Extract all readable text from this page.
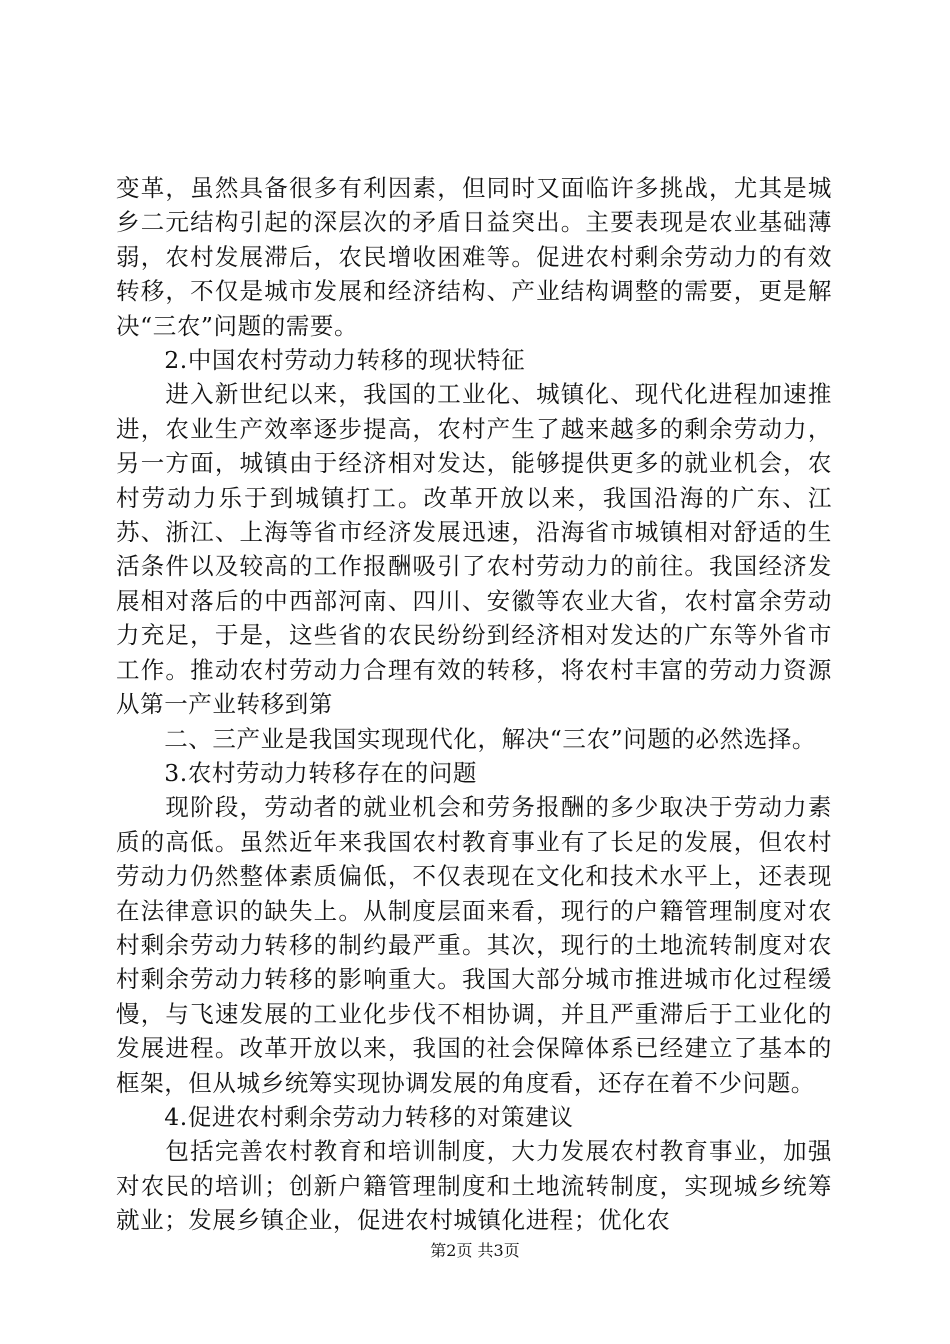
变革，虽然具备很多有利因素，但同时又面临许多挑战，尤其是城乡二元结构引起的深层次的矛盾日益突出。主要表现是农业基础薄弱，农村发展滞后，农民增收困难等。促进农村剩余劳动力的有效转移，不仅是城市发展和经济结构、产业结构调整的需要，更是解决“三农”问题的需要。

　　2.中国农村劳动力转移的现状特征

　　进入新世纪以来，我国的工业化、城镇化、现代化进程加速推进，农业生产效率逐步提高，农村产生了越来越多的剩余劳动力，另一方面，城镇由于经济相对发达，能够提供更多的就业机会，农村劳动力乐于到城镇打工。改革开放以来，我国沿海的广东、江苏、浙江、上海等省市经济发展迅速，沿海省市城镇相对舒适的生活条件以及较高的工作报酬吸引了农村劳动力的前往。我国经济发展相对落后的中西部河南、四川、安徽等农业大省，农村富余劳动力充足，于是，这些省的农民纷纷到经济相对发达的广东等外省市工作。推动农村劳动力合理有效的转移，将农村丰富的劳动力资源从第一产业转移到第

　　二、三产业是我国实现现代化，解决“三农”问题的必然选择。

　　3.农村劳动力转移存在的问题

　　现阶段，劳动者的就业机会和劳务报酬的多少取决于劳动力素质的高低。虽然近年来我国农村教育事业有了长足的发展，但农村劳动力仍然整体素质偏低，不仅表现在文化和技术水平上，还表现在法律意识的缺失上。从制度层面来看，现行的户籍管理制度对农村剩余劳动力转移的制约最严重。其次，现行的土地流转制度对农村剩余劳动力转移的影响重大。我国大部分城市推进城市化过程缓慢，与飞速发展的工业化步伐不相协调，并且严重滞后于工业化的发展进程。改革开放以来，我国的社会保障体系已经建立了基本的框架，但从城乡统筹实现协调发展的角度看，还存在着不少问题。

　　4.促进农村剩余劳动力转移的对策建议

　　包括完善农村教育和培训制度，大力发展农村教育事业，加强对农民的培训；创新户籍管理制度和土地流转制度，实现城乡统筹就业；发展乡镇企业，促进农村城镇化进程；优化农

第2页 共3页
